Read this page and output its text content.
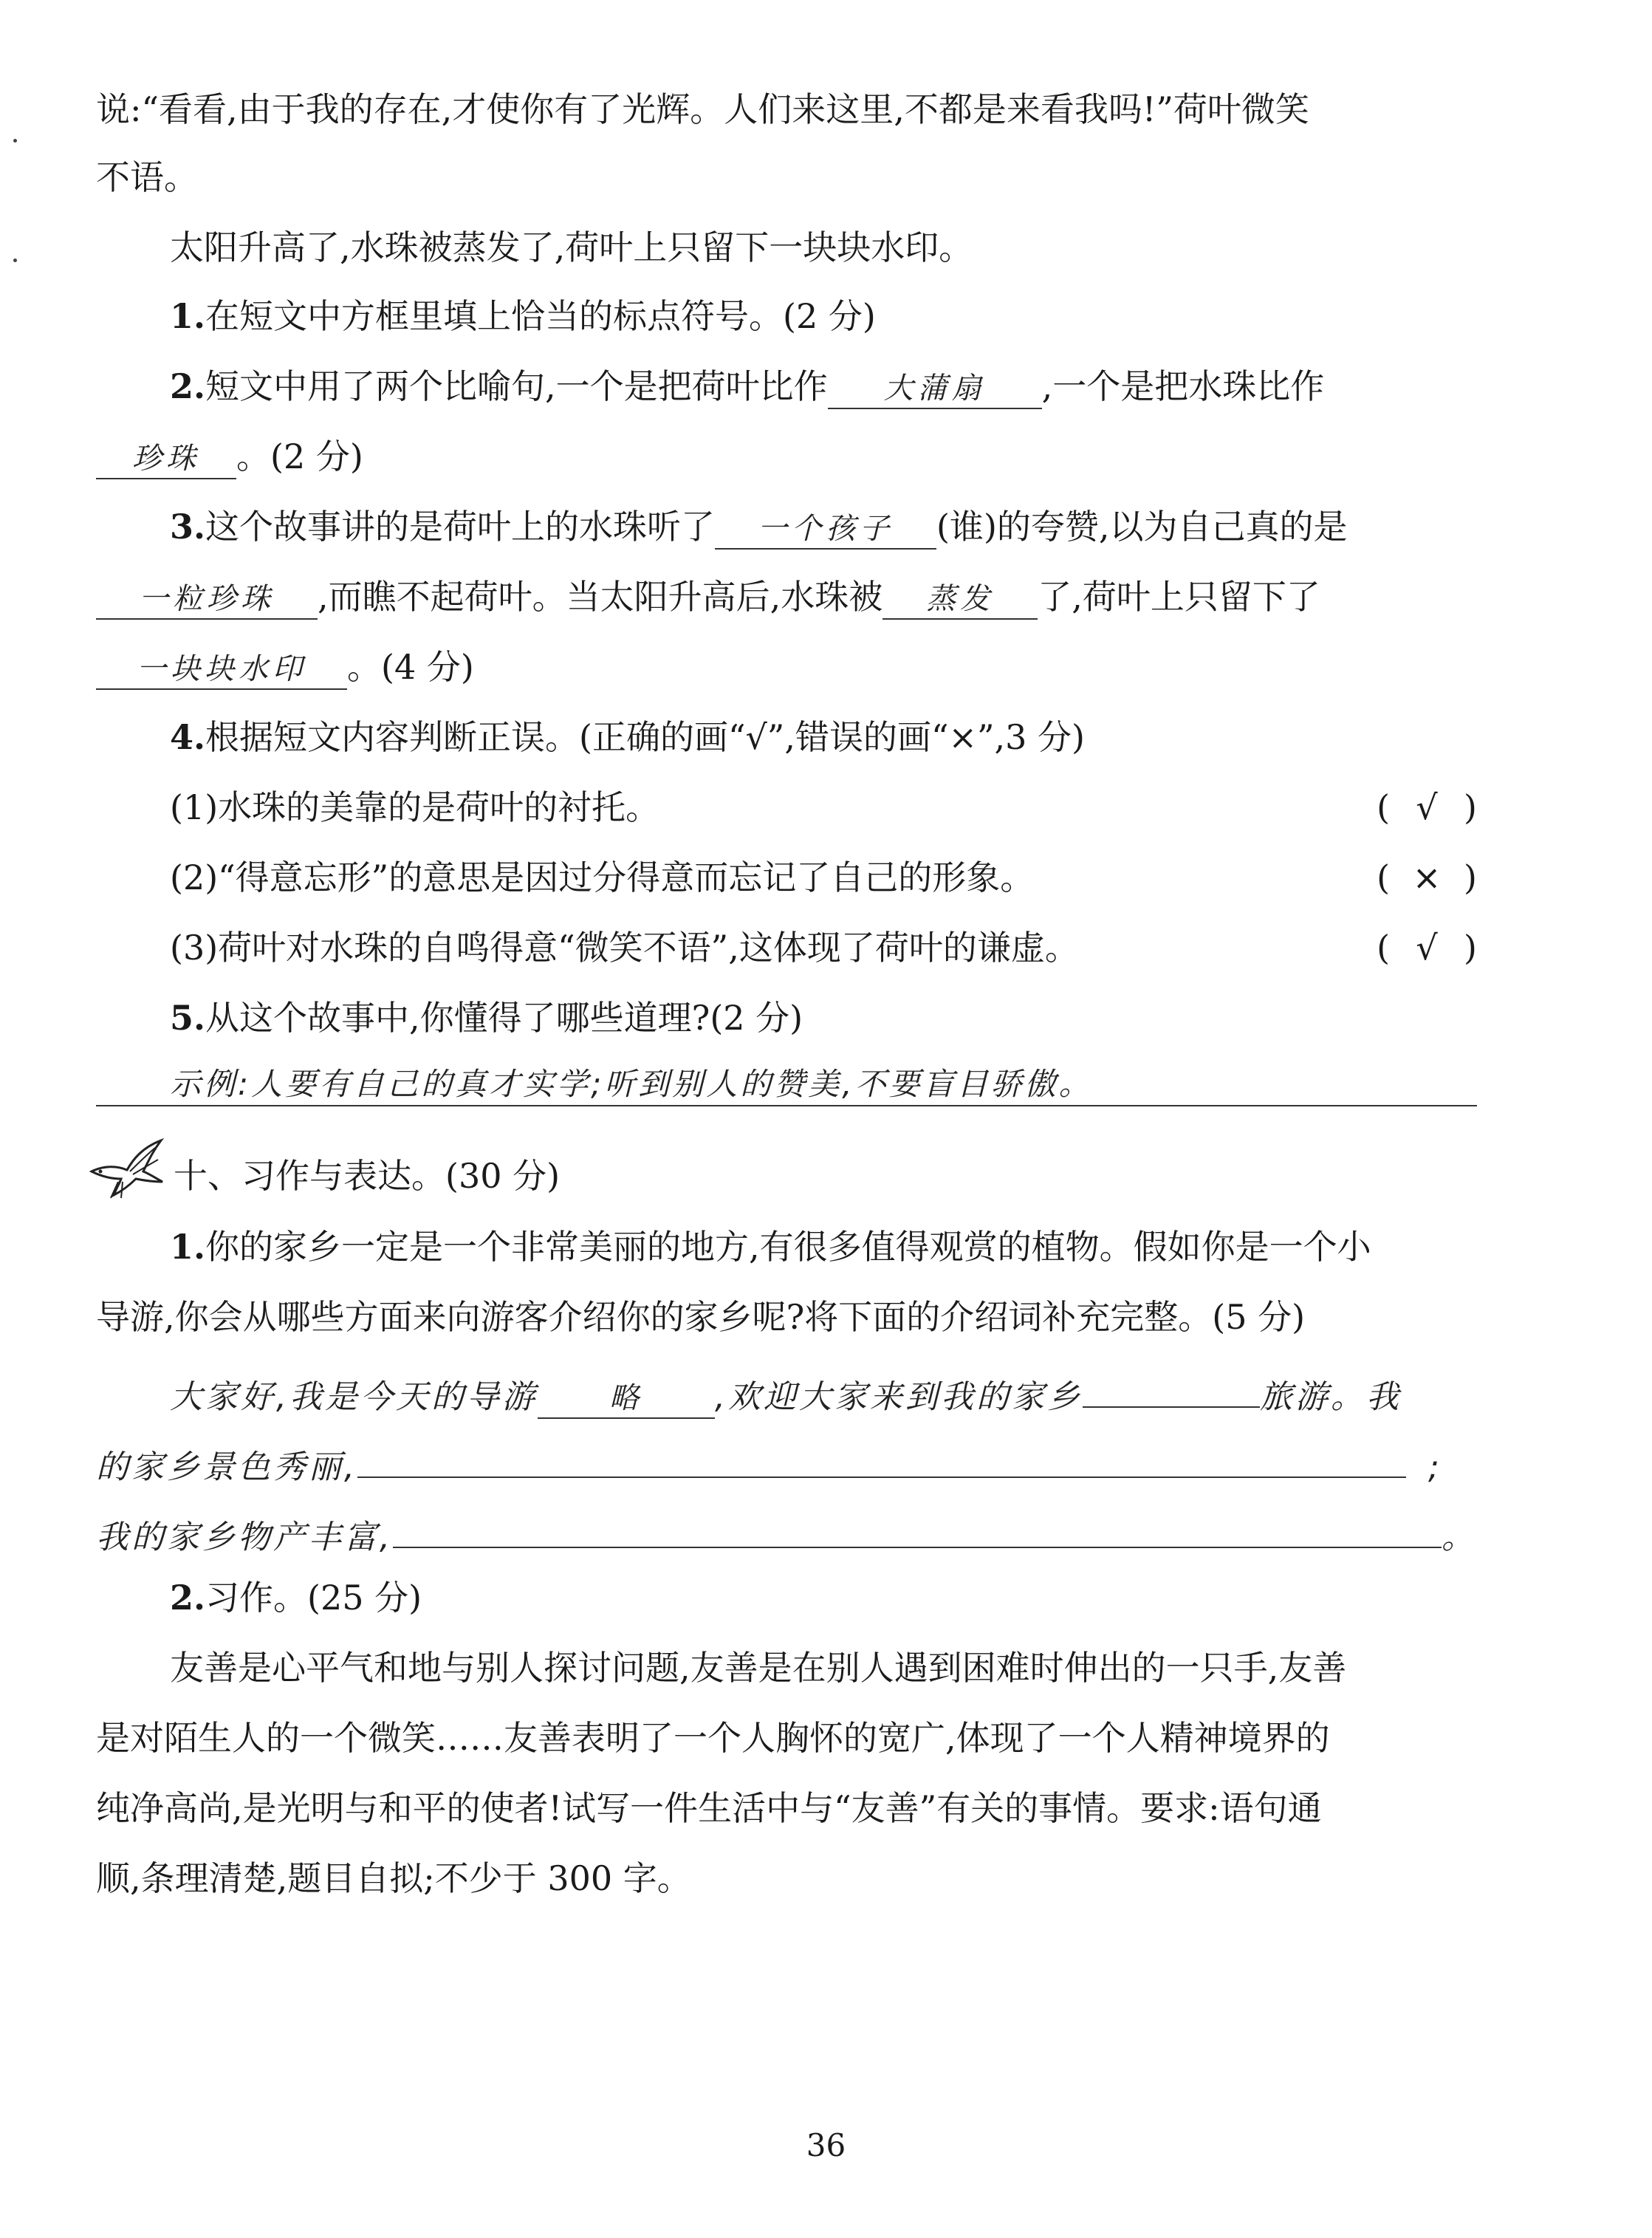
说:“看看,由于我的存在,才使你有了光辉。人们来这里,不都是来看我吗!”荷叶微笑
不语。
太阳升高了,水珠被蒸发了,荷叶上只留下一块块水印。
1.在短文中方框里填上恰当的标点符号。(2 分)
2.短文中用了两个比喻句,一个是把荷叶比作 大蒲扇 ,一个是把水珠比作
珍珠 。(2 分)
3.这个故事讲的是荷叶上的水珠听了 一个孩子 (谁)的夸赞,以为自己真的是
一粒珍珠 ,而瞧不起荷叶。当太阳升高后,水珠被 蒸发 了,荷叶上只留下了
一块块水印 。(4 分)
4.根据短文内容判断正误。(正确的画“√”,错误的画“×”,3 分)
(1)水珠的美靠的是荷叶的衬托。	( √ )
(2)“得意忘形”的意思是因过分得意而忘记了自己的形象。	( × )
(3)荷叶对水珠的自鸣得意“微笑不语”,这体现了荷叶的谦虚。	( √ )
5.从这个故事中,你懂得了哪些道理?(2 分)
示例:人要有自己的真才实学;听到别人的赞美,不要盲目骄傲。
十、习作与表达。(30 分)
1.你的家乡一定是一个非常美丽的地方,有很多值得观赏的植物。假如你是一个小
导游,你会从哪些方面来向游客介绍你的家乡呢?将下面的介绍词补充完整。(5 分)
大家好,我是今天的导游 略 ,欢迎大家来到我的家乡	旅游。我
的家乡景色秀丽,	;
我的家乡物产丰富,	。
2.习作。(25 分)
友善是心平气和地与别人探讨问题,友善是在别人遇到困难时伸出的一只手,友善
是对陌生人的一个微笑……友善表明了一个人胸怀的宽广,体现了一个人精神境界的
纯净高尚,是光明与和平的使者!试写一件生活中与“友善”有关的事情。要求:语句通
顺,条理清楚,题目自拟;不少于 300 字。
36
